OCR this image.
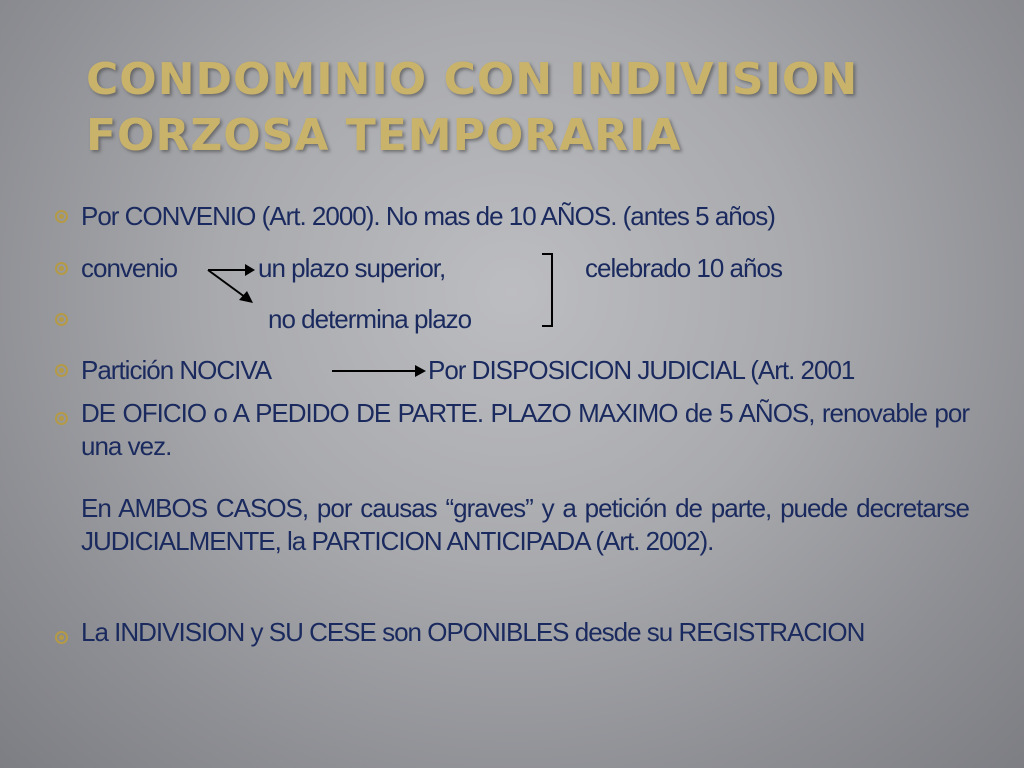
CONDOMINIO CON INDIVISION
FORZOSA TEMPORARIA
Por CONVENIO (Art. 2000). No mas de 10 AÑOS. (antes 5 años)
convenio	un plazo superior,	celebrado 10 años
no determina plazo
Partición NOCIVA	Por DISPOSICION JUDICIAL (Art. 2001
DE OFICIO o A PEDIDO DE PARTE. PLAZO MAXIMO de 5 AÑOS, renovable por una vez.
En AMBOS CASOS, por causas “graves” y a petición de parte, puede decretarse JUDICIALMENTE, la PARTICION ANTICIPADA (Art. 2002).
La INDIVISION y SU CESE son OPONIBLES desde su REGISTRACION
